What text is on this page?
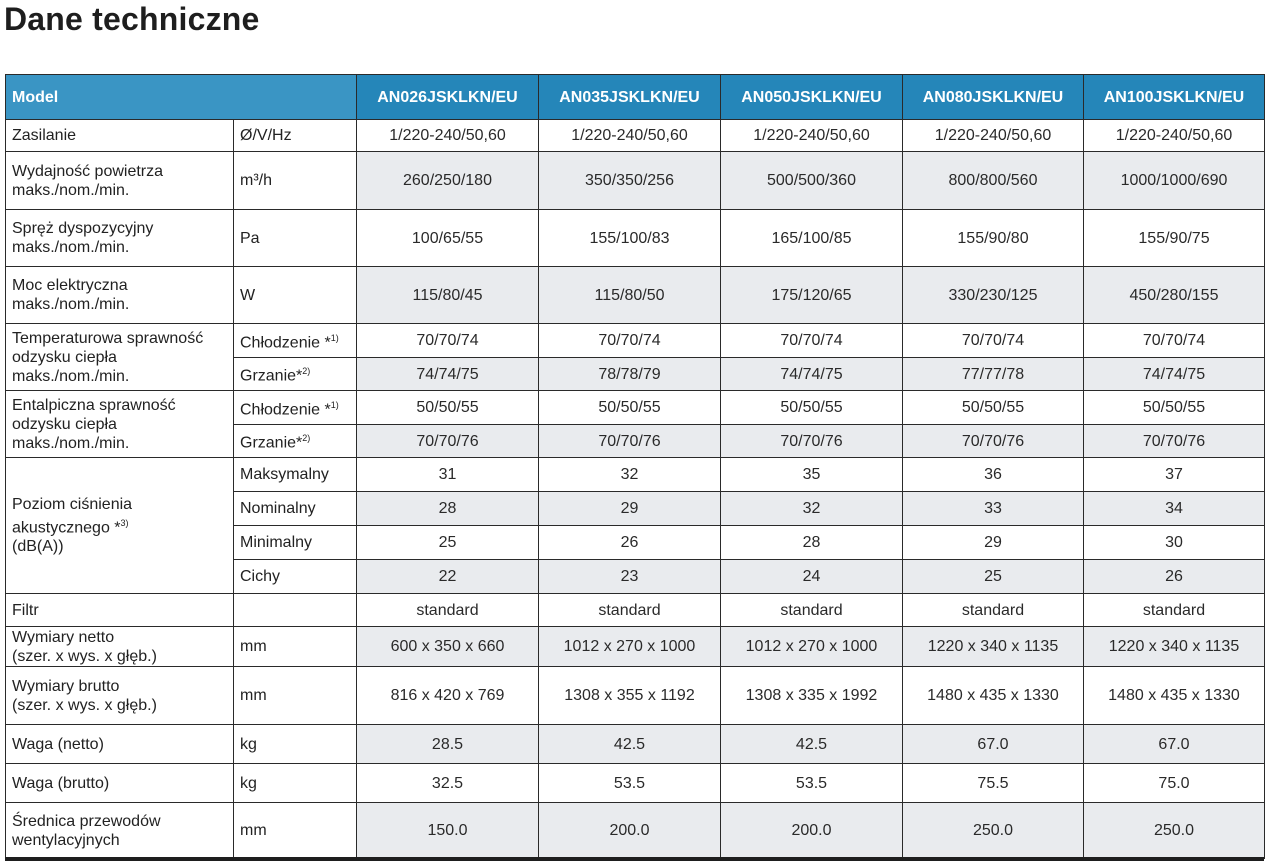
Dane techniczne
Model		AN026JSKLKN/EU	AN035JSKLKN/EU	AN050JSKLKN/EU	AN080JSKLKN/EU	AN100JSKLKN/EU
Zasilanie	Ø/V/Hz	1/220-240/50,60	1/220-240/50,60	1/220-240/50,60	1/220-240/50,60	1/220-240/50,60
Wydajność powietrza
maks./nom./min.	m³/h	260/250/180	350/350/256	500/500/360	800/800/560	1000/1000/690
Spręż dyspozycyjny
maks./nom./min.	Pa	100/65/55	155/100/83	165/100/85	155/90/80	155/90/75
Moc elektryczna
maks./nom./min.	W	115/80/45	115/80/50	175/120/65	330/230/125	450/280/155
Temperaturowa sprawność
odzysku ciepła
maks./nom./min.	Chłodzenie *$^{1)}$	70/70/74	70/70/74	70/70/74	70/70/74	70/70/74
	Grzanie*$^{2)}$	74/74/75	78/78/79	74/74/75	77/77/78	74/74/75
Entalpiczna sprawność
odzysku ciepła
maks./nom./min.	Chłodzenie *$^{1)}$	50/50/55	50/50/55	50/50/55	50/50/55	50/50/55
	Grzanie*$^{2)}$	70/70/76	70/70/76	70/70/76	70/70/76	70/70/76
Poziom ciśnienia
akustycznego *$^{3)}$
(dB(A))	Maksymalny	31	32	35	36	37
	Nominalny	28	29	32	33	34
	Minimalny	25	26	28	29	30
	Cichy	22	23	24	25	26
Filtr		standard	standard	standard	standard	standard
Wymiary netto
(szer. x wys. x głęb.)	mm	600 x 350 x 660	1012 x 270 x 1000	1012 x 270 x 1000	1220 x 340 x 1135	1220 x 340 x 1135
Wymiary brutto
(szer. x wys. x głęb.)	mm	816 x 420 x 769	1308 x 355 x 1192	1308 x 335 x 1992	1480 x 435 x 1330	1480 x 435 x 1330
Waga (netto)	kg	28.5	42.5	42.5	67.0	67.0
Waga (brutto)	kg	32.5	53.5	53.5	75.5	75.0
Średnica przewodów
wentylacyjnych	mm	150.0	200.0	200.0	250.0	250.0
